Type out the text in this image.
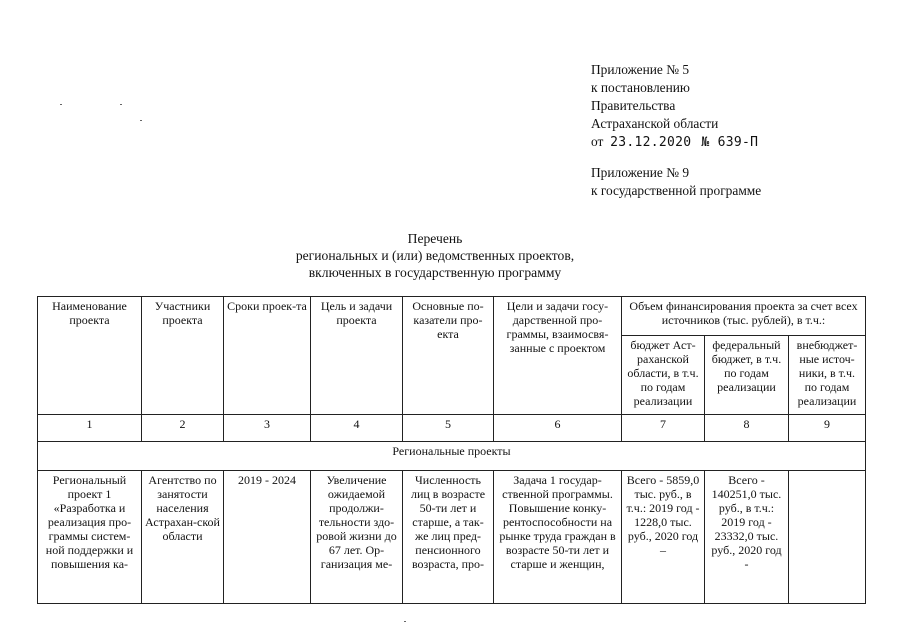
Приложение № 5
к постановлению
Правительства
Астраханской области
от 23.12.2020 № 639-П
Приложение № 9
к государственной программе
Перечень
региональных и (или) ведомственных проектов,
включенных в государственную программу
Наименование проекта	Участники проекта	Сроки проек-та	Цель и задачи проекта	Основные по-казатели про-екта	Цели и задачи госу-дарственной про-граммы, взаимосвя-занные с проектом	Объем финансирования проекта за счет всех источников (тыс. рублей), в т.ч.:		
						бюджет Аст-раханской области, в т.ч. по годам реализации	федеральный бюджет, в т.ч. по годам реализации	внебюджет-ные источ-ники, в т.ч. по годам реализации
1	2	3	4	5	6	7	8	9
Региональные проекты								
Региональный проект 1 «Разработка и реализация про-граммы систем-ной поддержки и повышения ка-	Агентство по занятости населения Астрахан-ской области	2019 - 2024	Увеличение ожидаемой продолжи-тельности здо-ровой жизни до 67 лет. Ор-ганизация ме-	Численность лиц в возрасте 50-ти лет и старше, а так-же лиц пред-пенсионного возраста, про-	Задача 1 государ-ственной программы. Повышение конку-рентоспособности на рынке труда граждан в возрасте 50-ти лет и старше и женщин,	Всего - 5859,0 тыс. руб., в т.ч.: 2019 год - 1228,0 тыс. руб., 2020 год –	Всего - 140251,0 тыс. руб., в т.ч.: 2019 год - 23332,0 тыс. руб., 2020 год -	
